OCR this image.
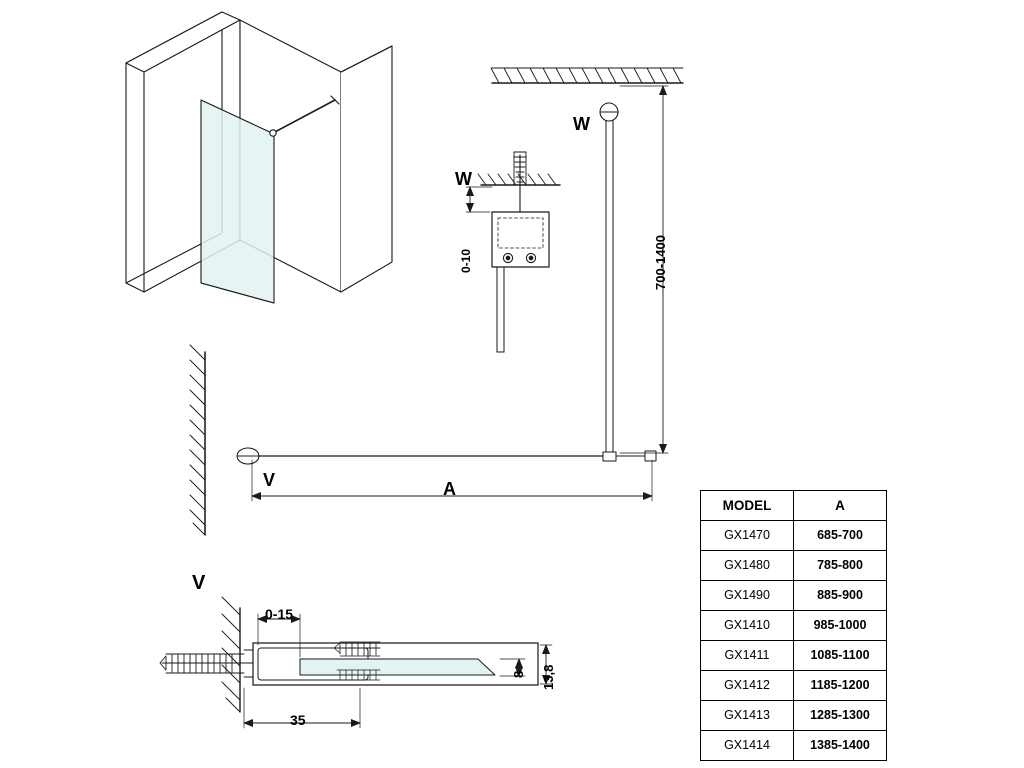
W
W
V
V
A
700-1400
0-10
35
0-15
13,8
8
MODEL	A
GX1470	685-700
GX1480	785-800
GX1490	885-900
GX1410	985-1000
GX1411	1085-1100
GX1412	1185-1200
GX1413	1285-1300
GX1414	1385-1400
